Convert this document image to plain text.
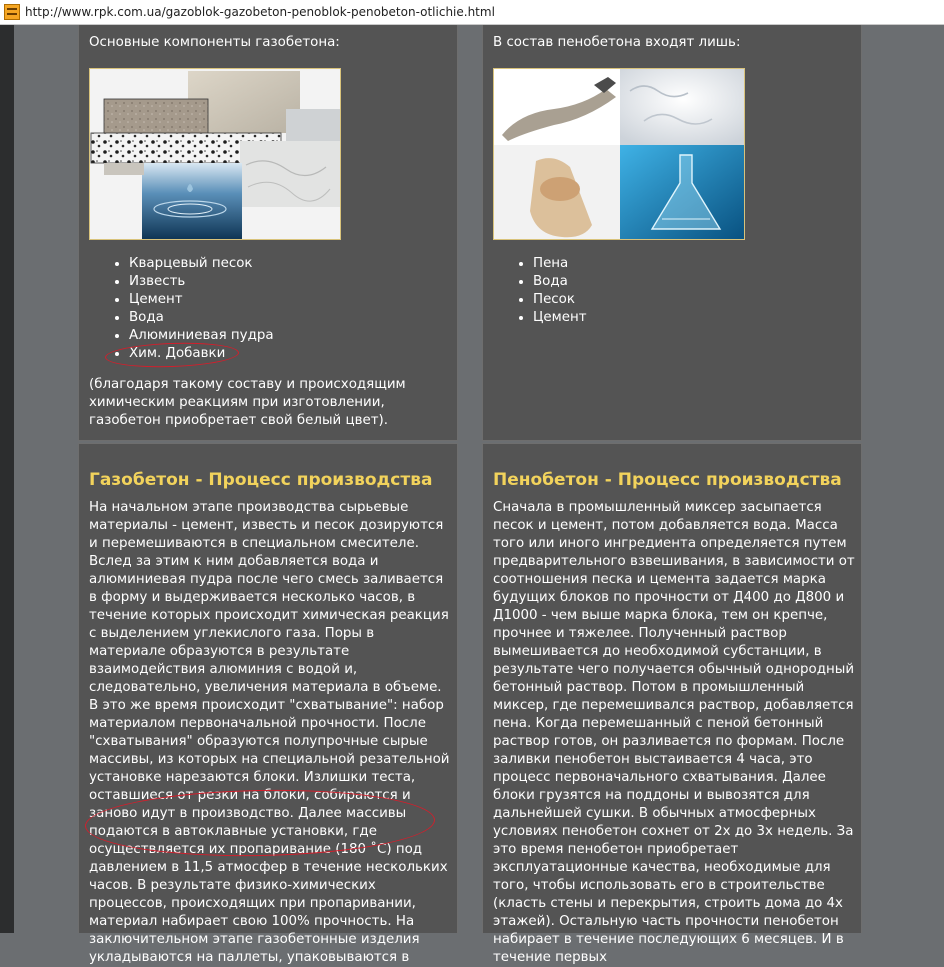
http://www.rpk.com.ua/gazoblok-gazobeton-penoblok-penobeton-otlichie.html

Основные компоненты газобетона:

• Кварцевый песок
• Известь
• Цемент
• Вода
• Алюминиевая пудра
• Хим. Добавки

(благодаря такому составу и происходящим химическим реакциям при изготовлении, газобетон приобретает свой белый цвет).

В состав пенобетона входят лишь:

• Пена
• Вода
• Песок
• Цемент
Газобетон - Процесс производства

На начальном этапе производства сырьевые материалы - цемент, известь и песок дозируются и перемешиваются в специальном смесителе. Вслед за этим к ним добавляется вода и алюминиевая пудра после чего смесь заливается в форму и выдерживается несколько часов, в течение которых происходит химическая реакция с выделением углекислого газа. Поры в материале образуются в результате взаимодействия алюминия с водой и, следовательно, увеличения материала в объеме. В это же время происходит "схватывание": набор материалом первоначальной прочности. После "схватывания" образуются полупрочные сырые массивы, из которых на специальной резательной установке нарезаются блоки. Излишки теста, оставшиеся от резки на блоки, собираются и заново идут в производство. Далее массивы подаются в автоклавные установки, где осуществляется их пропаривание (180 ˚С) под давлением в 11,5 атмосфер в течение нескольких часов. В результате физико-химических процессов, происходящих при пропаривании, материал набирает свою 100% прочность. На заключительном этапе газобетонные изделия укладываются на паллеты, упаковываются в

Пенобетон - Процесс производства

Сначала в промышленный миксер засыпается песок и цемент, потом добавляется вода. Масса того или иного ингредиента определяется путем предварительного взвешивания, в зависимости от соотношения песка и цемента задается марка будущих блоков по прочности от Д400 до Д800 и Д1000 - чем выше марка блока, тем он крепче, прочнее и тяжелее. Полученный раствор вымешивается до необходимой субстанции, в результате чего получается обычный однородный бетонный раствор. Потом в промышленный миксер, где перемешивался раствор, добавляется пена. Когда перемешанный с пеной бетонный раствор готов, он разливается по формам. После заливки пенобетон выстаивается 4 часа, это процесс первоначального схватывания. Далее блоки грузятся на поддоны и вывозятся для дальнейшей сушки. В обычных атмосферных условиях пенобетон сохнет от 2х до 3х недель. За это время пенобетон приобретает эксплуатационные качества, необходимые для того, чтобы использовать его в строительстве (класть стены и перекрытия, строить дома до 4х этажей). Остальную часть прочности пенобетон набирает в течение последующих 6 месяцев. И в течение первых
